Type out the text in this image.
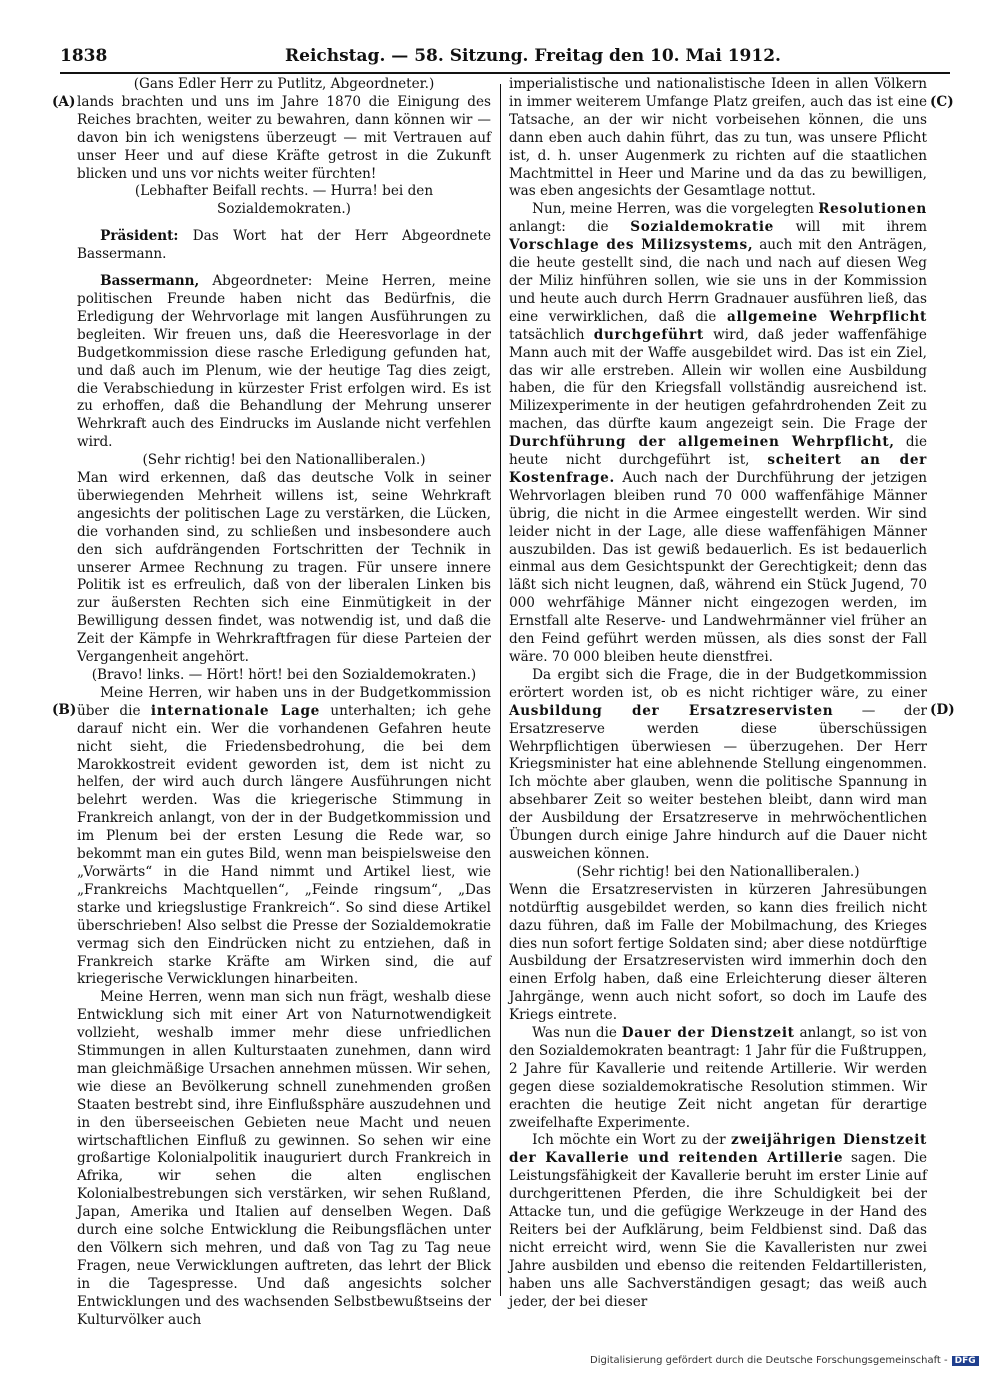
1838	Reichstag. — 58. Sitzung. Freitag den 10. Mai 1912.
(A)
(B)
(C)
(D)

(Gans Edler Herr zu Putlitz, Abgeordneter.)

lands brachten und uns im Jahre 1870 die Einigung des Reiches brachten, weiter zu bewahren, dann können wir — davon bin ich wenigstens überzeugt — mit Vertrauen auf unser Heer und auf diese Kräfte getrost in die Zukunft blicken und uns vor nichts weiter fürchten!

(Lebhafter Beifall rechts. — Hurra! bei den Sozialdemokraten.)

Präsident: Das Wort hat der Herr Abgeordnete Bassermann.

Bassermann, Abgeordneter: Meine Herren, meine politischen Freunde haben nicht das Bedürfnis, die Erledigung der Wehrvorlage mit langen Ausführungen zu begleiten. Wir freuen uns, daß die Heeresvorlage in der Budgetkommission diese rasche Erledigung gefunden hat, und daß auch im Plenum, wie der heutige Tag dies zeigt, die Verabschiedung in kürzester Frist erfolgen wird. Es ist zu erhoffen, daß die Behandlung der Mehrung unserer Wehrkraft auch des Eindrucks im Auslande nicht verfehlen wird.

(Sehr richtig! bei den Nationalliberalen.)

Man wird erkennen, daß das deutsche Volk in seiner überwiegenden Mehrheit willens ist, seine Wehrkraft angesichts der politischen Lage zu verstärken, die Lücken, die vorhanden sind, zu schließen und insbesondere auch den sich aufdrängenden Fortschritten der Technik in unserer Armee Rechnung zu tragen. Für unsere innere Politik ist es erfreulich, daß von der liberalen Linken bis zur äußersten Rechten sich eine Einmütigkeit in der Bewilligung dessen findet, was notwendig ist, und daß die Zeit der Kämpfe in Wehrkraftfragen für diese Parteien der Vergangenheit angehört.

(Bravo! links. — Hört! hört! bei den Sozialdemokraten.)

Meine Herren, wir haben uns in der Budgetkommission über die internationale Lage unterhalten; ich gehe darauf nicht ein. Wer die vorhandenen Gefahren heute nicht sieht, die Friedensbedrohung, die bei dem Marokkostreit evident geworden ist, dem ist nicht zu helfen, der wird auch durch längere Ausführungen nicht belehrt werden. Was die kriegerische Stimmung in Frankreich anlangt, von der in der Budgetkommission und im Plenum bei der ersten Lesung die Rede war, so bekommt man ein gutes Bild, wenn man beispielsweise den „Vorwärts“ in die Hand nimmt und Artikel liest, wie „Frankreichs Machtquellen“, „Feinde ringsum“, „Das starke und kriegslustige Frankreich“. So sind diese Artikel überschrieben! Also selbst die Presse der Sozialdemokratie vermag sich den Eindrücken nicht zu entziehen, daß in Frankreich starke Kräfte am Wirken sind, die auf kriegerische Verwicklungen hinarbeiten.

Meine Herren, wenn man sich nun frägt, weshalb diese Entwicklung sich mit einer Art von Naturnotwendigkeit vollzieht, weshalb immer mehr diese unfriedlichen Stimmungen in allen Kulturstaaten zunehmen, dann wird man gleichmäßige Ursachen annehmen müssen. Wir sehen, wie diese an Bevölkerung schnell zunehmenden großen Staaten bestrebt sind, ihre Einflußsphäre auszudehnen und in den überseeischen Gebieten neue Macht und neuen wirtschaftlichen Einfluß zu gewinnen. So sehen wir eine großartige Kolonialpolitik inauguriert durch Frankreich in Afrika, wir sehen die alten englischen Kolonialbestrebungen sich verstärken, wir sehen Rußland, Japan, Amerika und Italien auf denselben Wegen. Daß durch eine solche Entwicklung die Reibungsflächen unter den Völkern sich mehren, und daß von Tag zu Tag neue Fragen, neue Verwicklungen auftreten, das lehrt der Blick in die Tagespresse. Und daß angesichts solcher Entwicklungen und des wachsenden Selbstbewußtseins der Kulturvölker auch

imperialistische und nationalistische Ideen in allen Völkern in immer weiterem Umfange Platz greifen, auch das ist eine Tatsache, an der wir nicht vorbeisehen können, die uns dann eben auch dahin führt, das zu tun, was unsere Pflicht ist, d. h. unser Augenmerk zu richten auf die staatlichen Machtmittel in Heer und Marine und da das zu bewilligen, was eben angesichts der Gesamtlage nottut.

Nun, meine Herren, was die vorgelegten Resolutionen anlangt: die Sozialdemokratie will mit ihrem Vorschlage des Milizsystems, auch mit den Anträgen, die heute gestellt sind, die nach und nach auf diesen Weg der Miliz hinführen sollen, wie sie uns in der Kommission und heute auch durch Herrn Gradnauer ausführen ließ, das eine verwirklichen, daß die allgemeine Wehrpflicht tatsächlich durchgeführt wird, daß jeder waffenfähige Mann auch mit der Waffe ausgebildet wird. Das ist ein Ziel, das wir alle erstreben. Allein wir wollen eine Ausbildung haben, die für den Kriegsfall vollständig ausreichend ist. Milizexperimente in der heutigen gefahrdrohenden Zeit zu machen, das dürfte kaum angezeigt sein. Die Frage der Durchführung der allgemeinen Wehrpflicht, die heute nicht durchgeführt ist, scheitert an der Kostenfrage. Auch nach der Durchführung der jetzigen Wehrvorlagen bleiben rund 70 000 waffenfähige Männer übrig, die nicht in die Armee eingestellt werden. Wir sind leider nicht in der Lage, alle diese waffenfähigen Männer auszubilden. Das ist gewiß bedauerlich. Es ist bedauerlich einmal aus dem Gesichtspunkt der Gerechtigkeit; denn das läßt sich nicht leugnen, daß, während ein Stück Jugend, 70 000 wehrfähige Männer nicht eingezogen werden, im Ernstfall alte Reserve- und Landwehrmänner viel früher an den Feind geführt werden müssen, als dies sonst der Fall wäre. 70 000 bleiben heute dienstfrei.

Da ergibt sich die Frage, die in der Budgetkommission erörtert worden ist, ob es nicht richtiger wäre, zu einer Ausbildung der Ersatzreservisten — der Ersatzreserve werden diese überschüssigen Wehrpflichtigen überwiesen — überzugehen. Der Herr Kriegsminister hat eine ablehnende Stellung eingenommen. Ich möchte aber glauben, wenn die politische Spannung in absehbarer Zeit so weiter bestehen bleibt, dann wird man der Ausbildung der Ersatzreserve in mehrwöchentlichen Übungen durch einige Jahre hindurch auf die Dauer nicht ausweichen können.

(Sehr richtig! bei den Nationalliberalen.)

Wenn die Ersatzreservisten in kürzeren Jahresübungen notdürftig ausgebildet werden, so kann dies freilich nicht dazu führen, daß im Falle der Mobilmachung, des Krieges dies nun sofort fertige Soldaten sind; aber diese notdürftige Ausbildung der Ersatzreservisten wird immerhin doch den einen Erfolg haben, daß eine Erleichterung dieser älteren Jahrgänge, wenn auch nicht sofort, so doch im Laufe des Kriegs eintrete.

Was nun die Dauer der Dienstzeit anlangt, so ist von den Sozialdemokraten beantragt: 1 Jahr für die Fußtruppen, 2 Jahre für Kavallerie und reitende Artillerie. Wir werden gegen diese sozialdemokratische Resolution stimmen. Wir erachten die heutige Zeit nicht angetan für derartige zweifelhafte Experimente.

Ich möchte ein Wort zu der zweijährigen Dienstzeit der Kavallerie und reitenden Artillerie sagen. Die Leistungsfähigkeit der Kavallerie beruht im erster Linie auf durchgerittenen Pferden, die ihre Schuldigkeit bei der Attacke tun, und die gefügige Werkzeuge in der Hand des Reiters bei der Aufklärung, beim Feldbienst sind. Daß das nicht erreicht wird, wenn Sie die Kavalleristen nur zwei Jahre ausbilden und ebenso die reitenden Feldartilleristen, haben uns alle Sachverständigen gesagt; das weiß auch jeder, der bei dieser

Digitalisierung gefördert durch die Deutsche Forschungsgemeinschaft - DFG
